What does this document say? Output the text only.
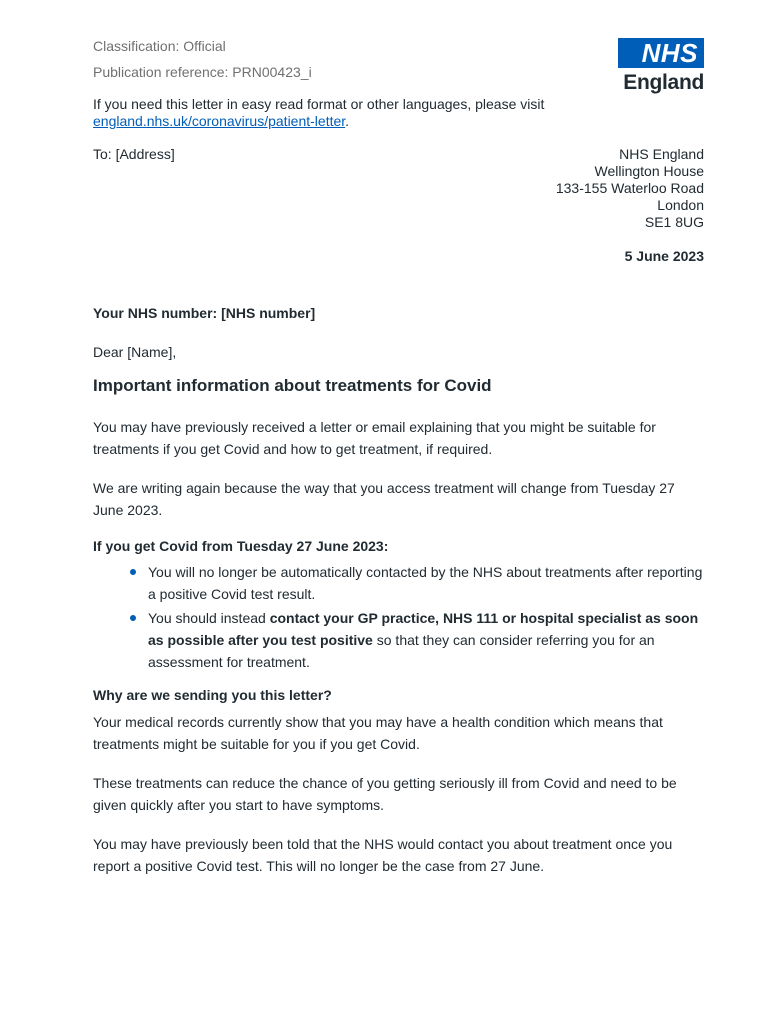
Classification: Official
Publication reference: PRN00423_i
NHS
England
If you need this letter in easy read format or other languages, please visit england.nhs.uk/coronavirus/patient-letter.
To: [Address]	NHS England
Wellington House
133-155 Waterloo Road
London
SE1 8UG
5 June 2023
Your NHS number: [NHS number]
Dear [Name],
Important information about treatments for Covid
You may have previously received a letter or email explaining that you might be suitable for treatments if you get Covid and how to get treatment, if required.
We are writing again because the way that you access treatment will change from Tuesday 27 June 2023.
If you get Covid from Tuesday 27 June 2023:
You will no longer be automatically contacted by the NHS about treatments after reporting a positive Covid test result.
You should instead contact your GP practice, NHS 111 or hospital specialist as soon as possible after you test positive so that they can consider referring you for an assessment for treatment.
Why are we sending you this letter?
Your medical records currently show that you may have a health condition which means that treatments might be suitable for you if you get Covid.
These treatments can reduce the chance of you getting seriously ill from Covid and need to be given quickly after you start to have symptoms.
You may have previously been told that the NHS would contact you about treatment once you report a positive Covid test. This will no longer be the case from 27 June.
